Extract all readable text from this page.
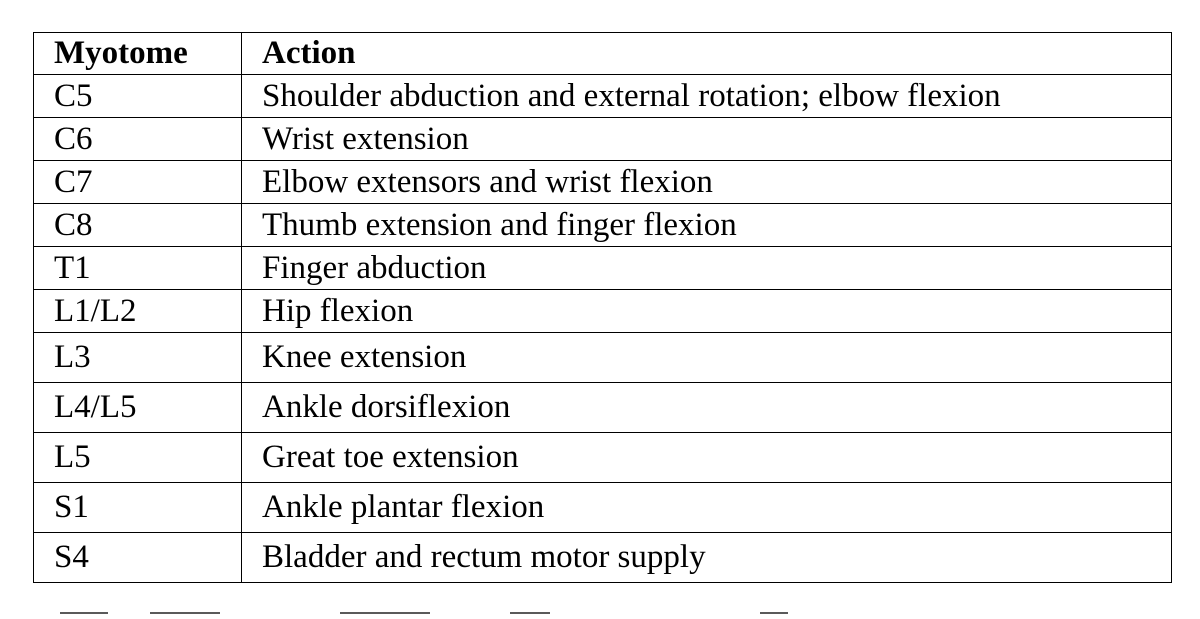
Myotome	Action
C5	Shoulder abduction and external rotation; elbow flexion
C6	Wrist extension
C7	Elbow extensors and wrist flexion
C8	Thumb extension and finger flexion
T1	Finger abduction
L1/L2	Hip flexion
L3	Knee extension
L4/L5	Ankle dorsiflexion
L5	Great toe extension
S1	Ankle plantar flexion
S4	Bladder and rectum motor supply
